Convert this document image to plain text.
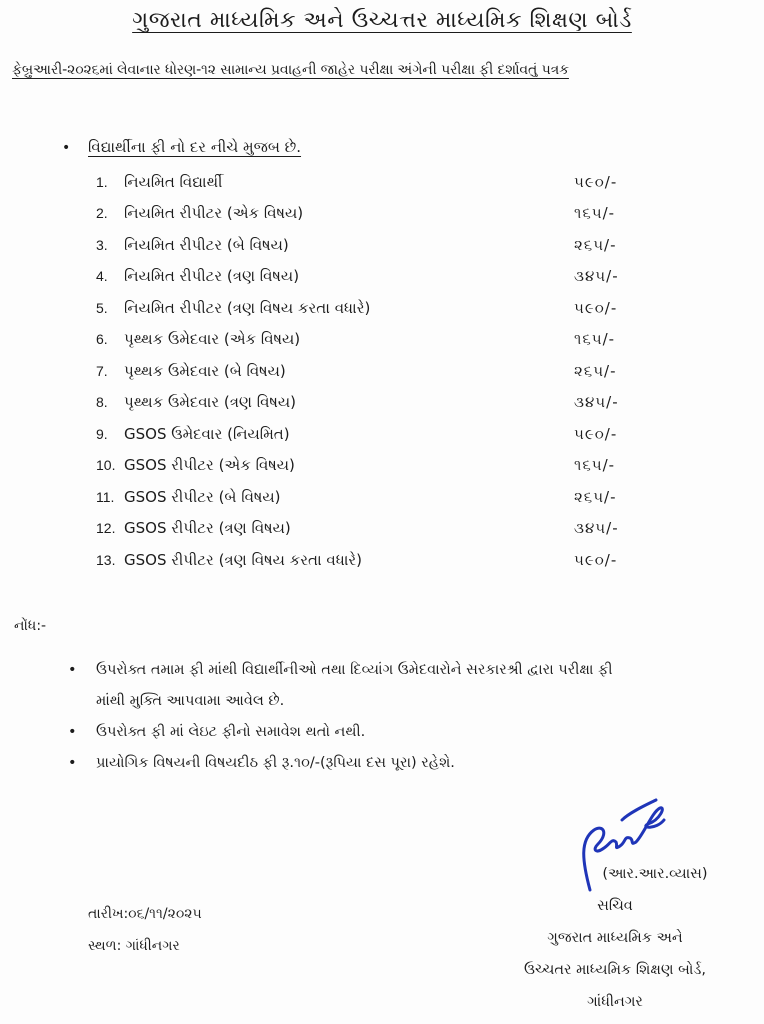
ગુજરાત માધ્યમિક અને ઉચ્ચત્તર માધ્યમિક શિક્ષણ બોર્ડ
ફેબ્રુઆરી-૨૦૨૬માં લેવાનાર ધોરણ-૧૨ સામાન્ય પ્રવાહની જાહેર પરીક્ષા અંગેની પરીક્ષા ફી દર્શાવતું પત્રક
• વિદ્યાર્થીના ફી નો દર નીચે મુજબ છે.
1.	નિયમિત વિદ્યાર્થી	૫૯૦/-
2.	નિયમિત રીપીટર (એક વિષય)	૧૬૫/-
3.	નિયમિત રીપીટર (બે વિષય)	૨૬૫/-
4.	નિયમિત રીપીટર (ત્રણ વિષય)	૩૪૫/-
5.	નિયમિત રીપીટર (ત્રણ વિષય કરતા વધારે)	૫૯૦/-
6.	પૃથ્થક ઉમેદવાર (એક વિષય)	૧૬૫/-
7.	પૃથ્થક ઉમેદવાર (બે વિષય)	૨૬૫/-
8.	પૃથ્થક ઉમેદવાર (ત્રણ વિષય)	૩૪૫/-
9.	GSOS ઉમેદવાર (નિયમિત)	૫૯૦/-
10. GSOS રીપીટર (એક વિષય)	૧૬૫/-
11. GSOS રીપીટર (બે વિષય)	૨૬૫/-
12. GSOS રીપીટર (ત્રણ વિષય)	૩૪૫/-
13. GSOS રીપીટર (ત્રણ વિષય કરતા વધારે)	૫૯૦/-
નોંધ:-
• ઉપરોક્ત તમામ ફી માંથી વિદ્યાર્થીનીઓ તથા દિવ્યાંગ ઉમેદવારોને સરકારશ્રી દ્વારા પરીક્ષા ફી
માંથી મુક્તિ આપવામા આવેલ છે.
• ઉપરોક્ત ફી માં લેઇટ ફીનો સમાવેશ થતો નથી.
• પ્રાયોગિક વિષયની વિષયદીઠ ફી રૂ.૧૦/-(રૂપિયા દસ પૂરા) રહેશે.
(આર.આર.વ્યાસ)
સચિવ
ગુજરાત માધ્યમિક અને
ઉચ્ચતર માધ્યમિક શિક્ષણ બોર્ડ,
ગાંધીનગર
તારીખ:૦૬/૧૧/૨૦૨૫
સ્થળ: ગાંધીનગર
